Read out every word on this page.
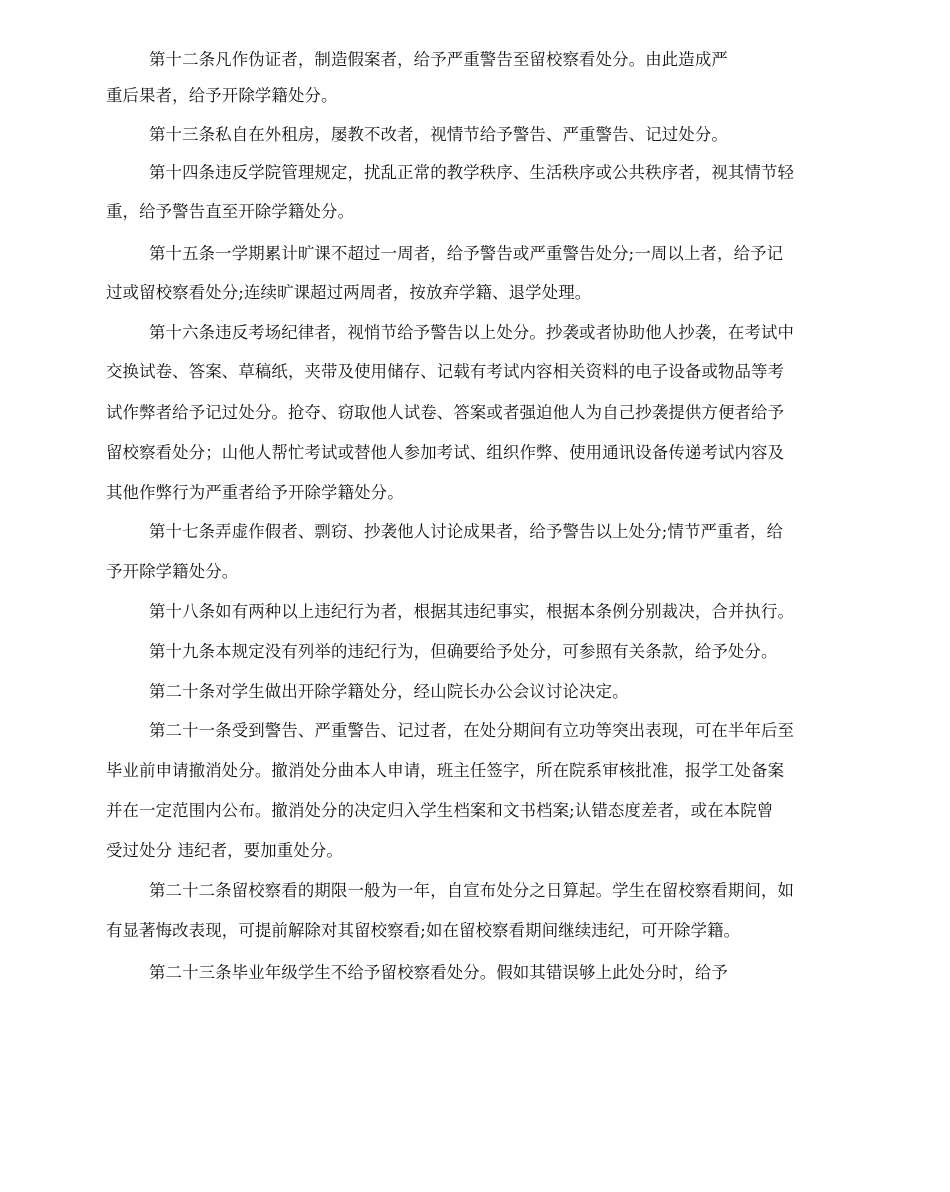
第十二条凡作伪证者，制造假案者，给予严重警告至留校察看处分。由此造成严
重后果者，给予开除学籍处分。
第十三条私自在外租房，屡教不改者，视情节给予警告、严重警告、记过处分。
第十四条违反学院管理规定，扰乱正常的教学秩序、生活秩序或公共秩序者，视其情节轻
重，给予警告直至开除学籍处分。
第十五条一学期累计旷课不超过一周者，给予警告或严重警告处分;一周以上者，给予记
过或留校察看处分;连续旷课超过两周者，按放弃学籍、退学处理。
第十六条违反考场纪律者，视悄节给予警告以上处分。抄袭或者协助他人抄袭，在考试中
交换试卷、答案、草稿纸，夹带及使用储存、记载有考试内容相关资料的电子设备或物品等考
试作弊者给予记过处分。抢夺、窃取他人试卷、答案或者强迫他人为自己抄袭提供方便者给予
留校察看处分；山他人帮忙考试或替他人参加考试、组织作弊、使用通讯设备传递考试内容及
其他作弊行为严重者给予开除学籍处分。
第十七条弄虚作假者、剽窃、抄袭他人讨论成果者，给予警告以上处分;情节严重者，给
予开除学籍处分。
第十八条如有两种以上违纪行为者，根据其违纪事实，根据本条例分别裁决，合并执行。
第十九条本规定没有列举的违纪行为，但确要给予处分，可参照有关条款，给予处分。
第二十条对学生做出开除学籍处分，经山院长办公会议讨论决定。
第二十一条受到警告、严重警告、记过者，在处分期间有立功等突出表现，可在半年后至
毕业前申请撤消处分。撤消处分曲本人申请，班主任签字，所在院系审核批准，报学工处备案
并在一定范围内公布。撤消处分的决定归入学生档案和文书档案;认错态度差者，或在本院曾
受过处分 违纪者，要加重处分。
第二十二条留校察看的期限一般为一年，自宣布处分之日算起。学生在留校察看期间，如
有显著悔改表现，可提前解除对其留校察看;如在留校察看期间继续违纪，可开除学籍。
第二十三条毕业年级学生不给予留校察看处分。假如其错误够上此处分时，给予
